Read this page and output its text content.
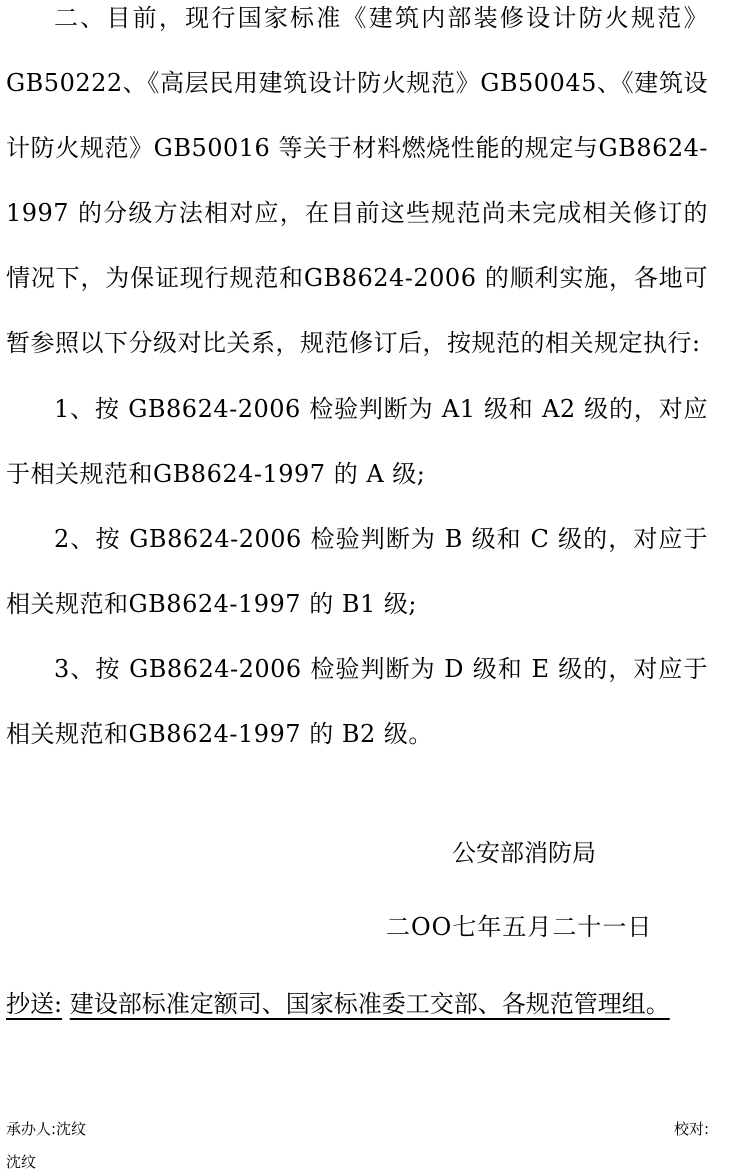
二、目前，现行国家标准《建筑内部装修设计防火规范》GB50222、《高层民用建筑设计防火规范》GB50045、《建筑设计防火规范》GB50016 等关于材料燃烧性能的规定与GB8624-1997 的分级方法相对应，在目前这些规范尚未完成相关修订的情况下，为保证现行规范和GB8624-2006 的顺利实施，各地可暂参照以下分级对比关系，规范修订后，按规范的相关规定执行:

1、按 GB8624-2006 检验判断为 A1 级和 A2 级的，对应于相关规范和GB8624-1997 的 A 级;

2、按 GB8624-2006 检验判断为 B 级和 C 级的，对应于相关规范和GB8624-1997 的 B1 级;

3、按 GB8624-2006 检验判断为 D 级和 E 级的，对应于相关规范和GB8624-1997 的 B2 级。

公安部消防局

二OO七年五月二十一日

抄送: 建设部标准定额司、国家标准委工交部、各规范管理组。

承办人:沈纹	校对:

沈纹
